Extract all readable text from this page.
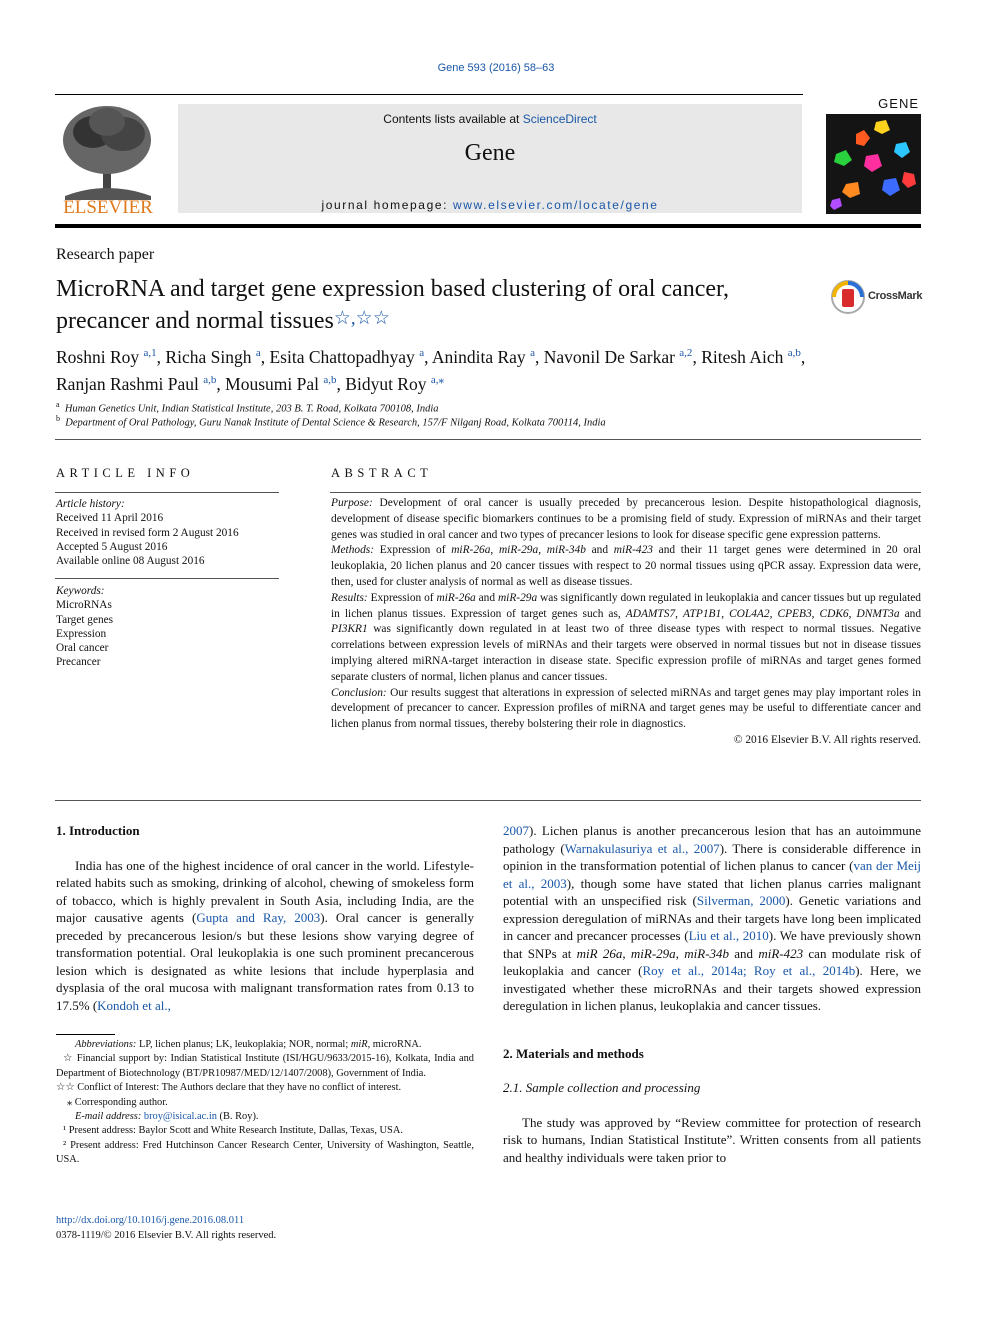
Gene 593 (2016) 58–63
ELSEVIER
Contents lists available at ScienceDirect
Gene
journal homepage: www.elsevier.com/locate/gene
GENE
Research paper
MicroRNA and target gene expression based clustering of oral cancer, precancer and normal tissues☆,☆☆
CrossMark
Roshni Roy $^{a,1}$, Richa Singh $^a$, Esita Chattopadhyay $^a$, Anindita Ray $^a$, Navonil De Sarkar $^{a,2}$, Ritesh Aich $^{a,b}$,
Ranjan Rashmi Paul $^{a,b}$, Mousumi Pal $^{a,b}$, Bidyut Roy $^{a,⁎}$
$^a$ Human Genetics Unit, Indian Statistical Institute, 203 B. T. Road, Kolkata 700108, India
$^b$ Department of Oral Pathology, Guru Nanak Institute of Dental Science & Research, 157/F Nilganj Road, Kolkata 700114, India
ARTICLE INFO
Article history:
Received 11 April 2016
Received in revised form 2 August 2016
Accepted 5 August 2016
Available online 08 August 2016
Keywords:
MicroRNAs
Target genes
Expression
Oral cancer
Precancer
ABSTRACT

Purpose: Development of oral cancer is usually preceded by precancerous lesion. Despite histopathological diagnosis, development of disease specific biomarkers continues to be a promising field of study. Expression of miRNAs and their target genes was studied in oral cancer and two types of precancer lesions to look for disease specific gene expression patterns.

Methods: Expression of miR-26a, miR-29a, miR-34b and miR-423 and their 11 target genes were determined in 20 oral leukoplakia, 20 lichen planus and 20 cancer tissues with respect to 20 normal tissues using qPCR assay. Expression data were, then, used for cluster analysis of normal as well as disease tissues.

Results: Expression of miR-26a and miR-29a was significantly down regulated in leukoplakia and cancer tissues but up regulated in lichen planus tissues. Expression of target genes such as, ADAMTS7, ATP1B1, COL4A2, CPEB3, CDK6, DNMT3a and PI3KR1 was significantly down regulated in at least two of three disease types with respect to normal tissues. Negative correlations between expression levels of miRNAs and their targets were observed in normal tissues but not in disease tissues implying altered miRNA-target interaction in disease state. Specific expression profile of miRNAs and target genes formed separate clusters of normal, lichen planus and cancer tissues.

Conclusion: Our results suggest that alterations in expression of selected miRNAs and target genes may play important roles in development of precancer to cancer. Expression profiles of miRNA and target genes may be useful to differentiate cancer and lichen planus from normal tissues, thereby bolstering their role in diagnostics.

© 2016 Elsevier B.V. All rights reserved.
1. Introduction

India has one of the highest incidence of oral cancer in the world. Lifestyle-related habits such as smoking, drinking of alcohol, chewing of smokeless form of tobacco, which is highly prevalent in South Asia, including India, are the major causative agents (Gupta and Ray, 2003). Oral cancer is generally preceded by precancerous lesion/s but these lesions show varying degree of transformation potential. Oral leukoplakia is one such prominent precancerous lesion which is designated as white lesions that include hyperplasia and dysplasia of the oral mucosa with malignant transformation rates from 0.13 to 17.5% (Kondoh et al.,

Abbreviations: LP, lichen planus; LK, leukoplakia; NOR, normal; miR, microRNA.

☆ Financial support by: Indian Statistical Institute (ISI/HGU/9633/2015-16), Kolkata, India and Department of Biotechnology (BT/PR10987/MED/12/1407/2008), Government of India.

☆☆ Conflict of Interest: The Authors declare that they have no conflict of interest.

⁎ Corresponding author.

E-mail address: broy@isical.ac.in (B. Roy).

¹ Present address: Baylor Scott and White Research Institute, Dallas, Texas, USA.

² Present address: Fred Hutchinson Cancer Research Center, University of Washington, Seattle, USA.

http://dx.doi.org/10.1016/j.gene.2016.08.011
0378-1119/© 2016 Elsevier B.V. All rights reserved.

2007). Lichen planus is another precancerous lesion that has an autoimmune pathology (Warnakulasuriya et al., 2007). There is considerable difference in opinion in the transformation potential of lichen planus to cancer (van der Meij et al., 2003), though some have stated that lichen planus carries malignant potential with an unspecified risk (Silverman, 2000). Genetic variations and expression deregulation of miRNAs and their targets have long been implicated in cancer and precancer processes (Liu et al., 2010). We have previously shown that SNPs at miR 26a, miR-29a, miR-34b and miR-423 can modulate risk of leukoplakia and cancer (Roy et al., 2014a; Roy et al., 2014b). Here, we investigated whether these microRNAs and their targets showed expression deregulation in lichen planus, leukoplakia and cancer tissues.

2. Materials and methods
2.1. Sample collection and processing

The study was approved by “Review committee for protection of research risk to humans, Indian Statistical Institute”. Written consents from all patients and healthy individuals were taken prior to
